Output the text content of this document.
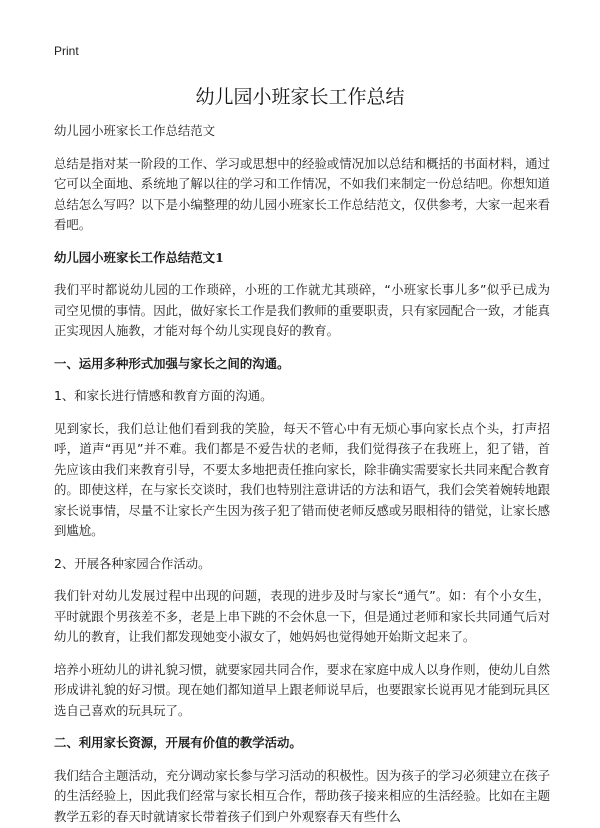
Print
幼儿园小班家长工作总结

幼儿园小班家长工作总结范文

总结是指对某一阶段的工作、学习或思想中的经验或情况加以总结和概括的书面材料，通过它可以全面地、系统地了解以往的学习和工作情况，不如我们来制定一份总结吧。你想知道总结怎么写吗？以下是小编整理的幼儿园小班家长工作总结范文，仅供参考，大家一起来看看吧。

幼儿园小班家长工作总结范文1

我们平时都说幼儿园的工作琐碎，小班的工作就尤其琐碎，“小班家长事儿多”似乎已成为司空见惯的事情。因此，做好家长工作是我们教师的重要职责，只有家园配合一致，才能真正实现因人施教，才能对每个幼儿实现良好的教育。

一、运用多种形式加强与家长之间的沟通。

1、和家长进行情感和教育方面的沟通。

见到家长，我们总让他们看到我的笑脸，每天不管心中有无烦心事向家长点个头，打声招呼，道声“再见”并不难。我们都是不爱告状的老师，我们觉得孩子在我班上，犯了错，首先应该由我们来教育引导，不要太多地把责任推向家长，除非确实需要家长共同来配合教育的。即使这样，在与家长交谈时，我们也特别注意讲话的方法和语气，我们会笑着婉转地跟家长说事情，尽量不让家长产生因为孩子犯了错而使老师反感或另眼相待的错觉，让家长感到尴尬。

2、开展各种家园合作活动。

我们针对幼儿发展过程中出现的问题，表现的进步及时与家长“通气”。如：有个小女生，平时就跟个男孩差不多，老是上串下跳的不会休息一下，但是通过老师和家长共同通气后对幼儿的教育，让我们都发现她变小淑女了，她妈妈也觉得她开始斯文起来了。

培养小班幼儿的讲礼貌习惯，就要家园共同合作，要求在家庭中成人以身作则，使幼儿自然形成讲礼貌的好习惯。现在她们都知道早上跟老师说早后，也要跟家长说再见才能到玩具区选自己喜欢的玩具玩了。

二、利用家长资源，开展有价值的教学活动。

我们结合主题活动，充分调动家长参与学习活动的积极性。因为孩子的学习必须建立在孩子的生活经验上，因此我们经常与家长相互合作，帮助孩子接来相应的生活经验。比如在主题教学五彩的春天时就请家长带着孩子们到户外观察春天有些什么
